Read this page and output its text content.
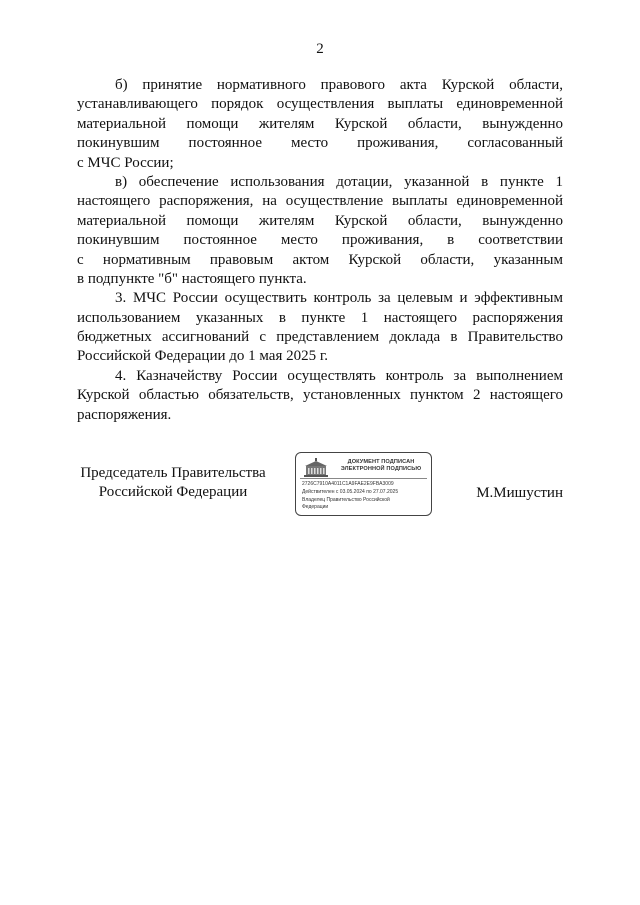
2
б) принятие нормативного правового акта Курской области,
устанавливающего порядок осуществления выплаты единовременной
материальной помощи жителям Курской области, вынужденно
покинувшим постоянное место проживания, согласованный
с МЧС России;
в) обеспечение использования дотации, указанной в пункте 1
настоящего распоряжения, на осуществление выплаты единовременной
материальной помощи жителям Курской области, вынужденно
покинувшим постоянное место проживания, в соответствии
с нормативным правовым актом Курской области, указанным
в подпункте "б" настоящего пункта.
3. МЧС России осуществить контроль за целевым и эффективным
использованием указанных в пункте 1 настоящего распоряжения
бюджетных ассигнований с представлением доклада в Правительство
Российской Федерации до 1 мая 2025 г.
4. Казначейству России осуществлять контроль за выполнением
Курской областью обязательств, установленных пунктом 2 настоящего
распоряжения.
Председатель Правительства
Российской Федерации
ДОКУМЕНТ ПОДПИСАН
ЭЛЕКТРОННОЙ ПОДПИСЬЮ
2726C7910A4011C1A9FAE2E9FBA3009
Действителен с 03.05.2024 по 27.07.2025
Владелец Правительство Российской
Федерации
М.Мишустин
